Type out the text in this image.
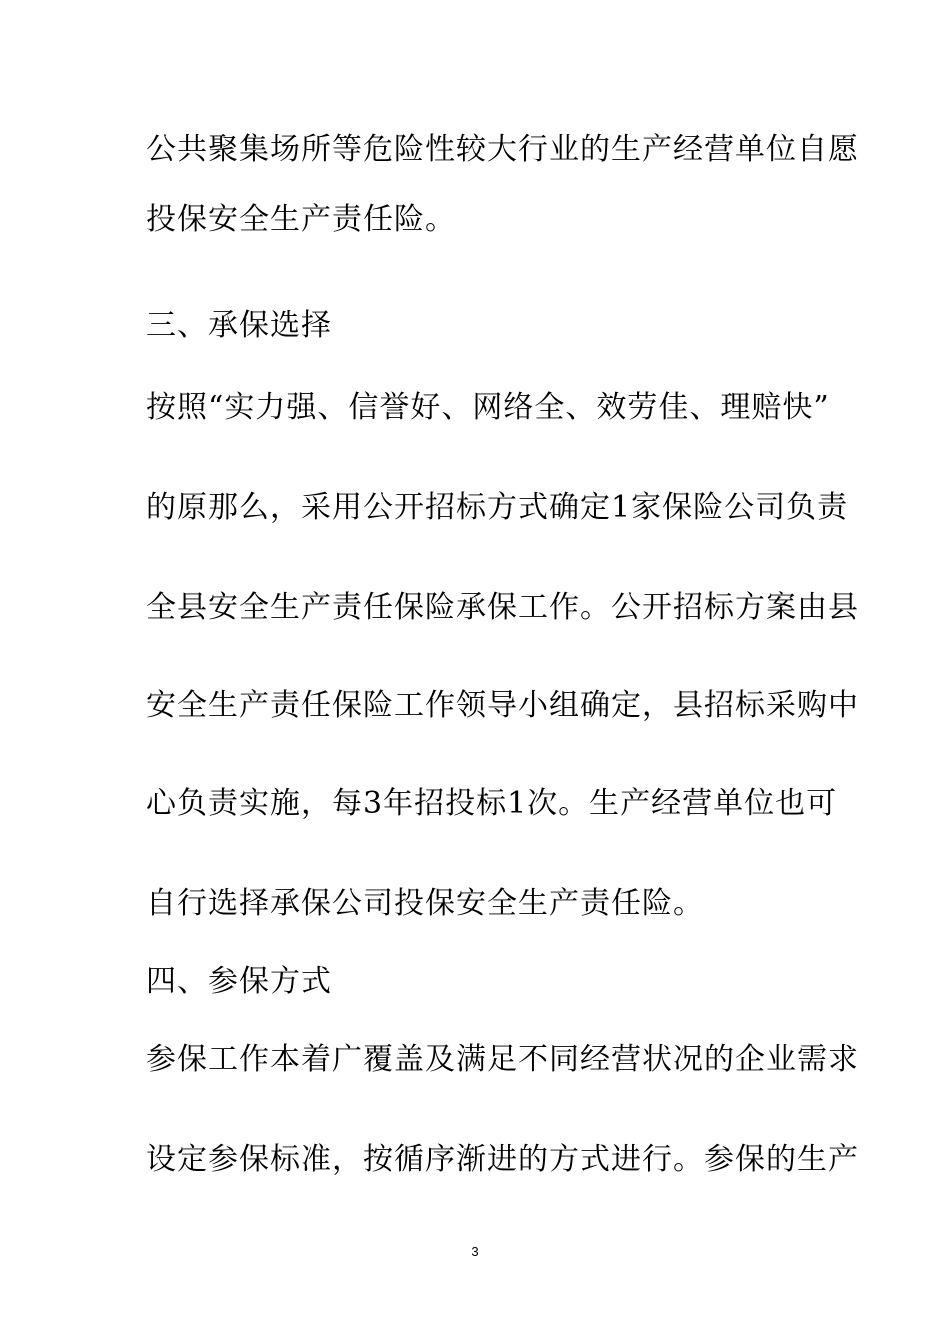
公共聚集场所等危险性较大行业的生产经营单位自愿

投保安全生产责任险。

三、承保选择

按照“实力强、信誉好、网络全、效劳佳、理赔快”

的原那么，采用公开招标方式确定1家保险公司负责

全县安全生产责任保险承保工作。公开招标方案由县

安全生产责任保险工作领导小组确定，县招标采购中

心负责实施，每3年招投标1次。生产经营单位也可

自行选择承保公司投保安全生产责任险。

四、参保方式

参保工作本着广覆盖及满足不同经营状况的企业需求

设定参保标准，按循序渐进的方式进行。参保的生产

3
